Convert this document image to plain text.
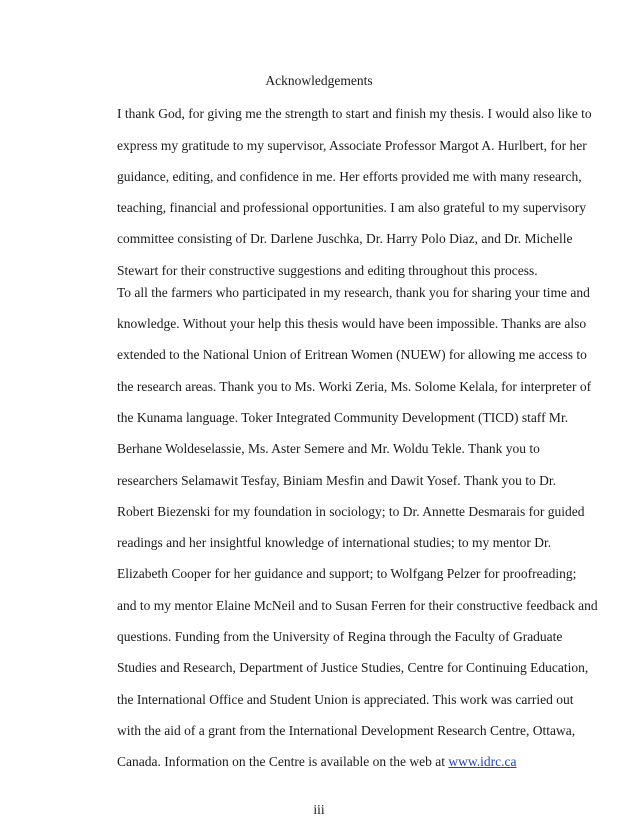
Acknowledgements
I thank God, for giving me the strength to start and finish my thesis. I would also like to
express my gratitude to my supervisor, Associate Professor Margot A. Hurlbert, for her
guidance, editing, and confidence in me. Her efforts provided me with many research,
teaching, financial and professional opportunities. I am also grateful to my supervisory
committee consisting of Dr. Darlene Juschka, Dr. Harry Polo Diaz, and Dr. Michelle
Stewart for their constructive suggestions and editing throughout this process.
To all the farmers who participated in my research, thank you for sharing your time and
knowledge. Without your help this thesis would have been impossible. Thanks are also
extended to the National Union of Eritrean Women (NUEW) for allowing me access to
the research areas. Thank you to Ms. Worki Zeria, Ms. Solome Kelala, for interpreter of
the Kunama language. Toker Integrated Community Development (TICD) staff Mr.
Berhane Woldeselassie, Ms. Aster Semere and Mr. Woldu Tekle. Thank you to
researchers Selamawit Tesfay, Biniam Mesfin and Dawit Yosef. Thank you to Dr.
Robert Biezenski for my foundation in sociology; to Dr. Annette Desmarais for guided
readings and her insightful knowledge of international studies; to my mentor Dr.
Elizabeth Cooper for her guidance and support; to Wolfgang Pelzer for proofreading;
and to my mentor Elaine McNeil and to Susan Ferren for their constructive feedback and
questions. Funding from the University of Regina through the Faculty of Graduate
Studies and Research, Department of Justice Studies, Centre for Continuing Education,
the International Office and Student Union is appreciated. This work was carried out
with the aid of a grant from the International Development Research Centre, Ottawa,
Canada. Information on the Centre is available on the web at www.idrc.ca
iii
